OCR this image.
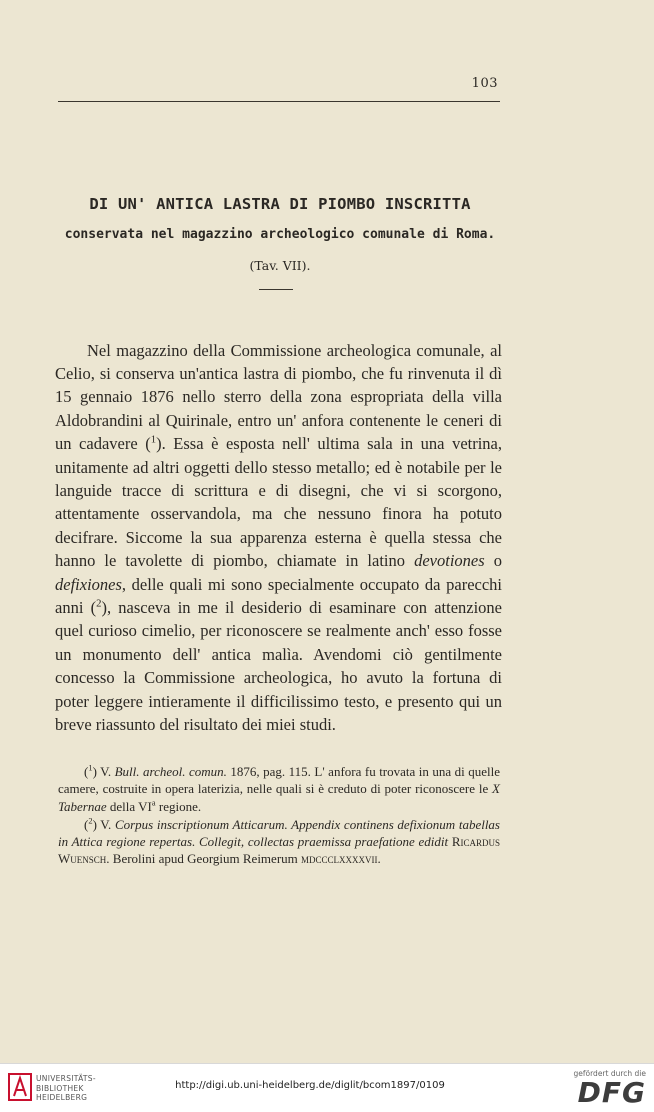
103
DI UN' ANTICA LASTRA DI PIOMBO INSCRITTA
conservata nel magazzino archeologico comunale di Roma.
(Tav. VII).

Nel magazzino della Commissione archeologica comunale, al Celio, si conserva un'antica lastra di piombo, che fu rinvenuta il dì 15 gennaio 1876 nello sterro della zona espropriata della villa Aldobrandini al Quirinale, entro un' anfora contenente le ceneri di un cadavere ($^1$). Essa è esposta nell' ultima sala in una vetrina, unitamente ad altri oggetti dello stesso metallo; ed è notabile per le languide tracce di scrittura e di disegni, che vi si scorgono, attentamente osservandola, ma che nessuno finora ha potuto decifrare. Siccome la sua apparenza esterna è quella stessa che hanno le tavolette di piombo, chiamate in latino devotiones o defixiones, delle quali mi sono specialmente occupato da parecchi anni ($^2$), nasceva in me il desiderio di esaminare con attenzione quel curioso cimelio, per riconoscere se realmente anch' esso fosse un monumento dell' antica malìa. Avendomi ciò gentilmente concesso la Commissione archeologica, ho avuto la fortuna di poter leggere intieramente il difficilissimo testo, e presento qui un breve riassunto del risultato dei miei studi.

($^1$) V. Bull. archeol. comun. 1876, pag. 115. L' anfora fu trovata in una di quelle camere, costruite in opera laterizia, nelle quali si è creduto di poter riconoscere le X Tabernae della $VI^a$ regione.

($^2$) V. Corpus inscriptionum Atticarum. Appendix continens defixionum tabellas in Attica regione repertas. Collegit, collectas praemissa praefatione edidit Ricardus Wuensch. Berolini apud Georgium Reimerum mdccclxxxxvii.

UNIVERSITÄTS-
BIBLIOTHEK
HEIDELBERG
http://digi.ub.uni-heidelberg.de/diglit/bcom1897/0109
gefördert durch die
DFG
